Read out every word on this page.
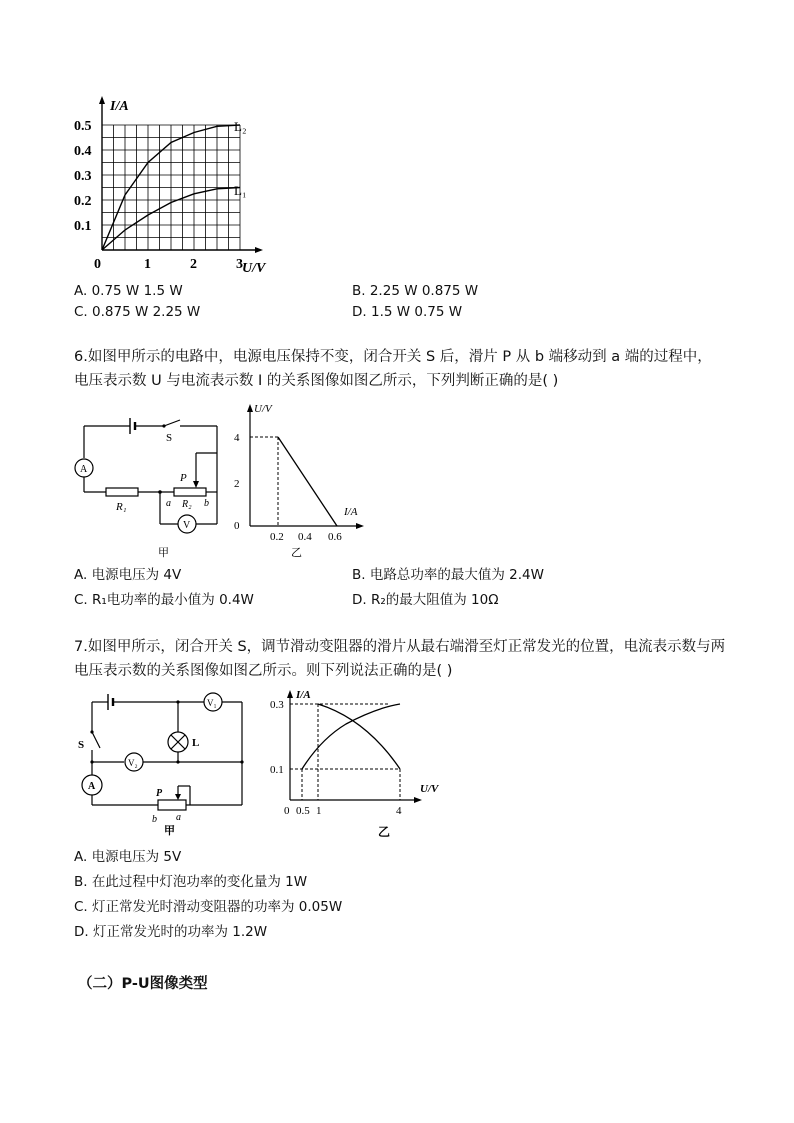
I/A
U/V
0.5
0.4
0.3
0.2
0.1
0	1	2	3
L₂
L₁
A. 0.75 W 1.5 W	B. 2.25 W 0.875 W
C. 0.875 W 2.25 W	D. 1.5 W 0.75 W
6.如图甲所示的电路中，电源电压保持不变，闭合开关 S 后，滑片 P 从 b 端移动到 a 端的过程中，电压表示数 U 与电流表示数 I 的关系图像如图乙所示，下列判断正确的是( )
S
A
R₁	a R₂ b
P
V
甲
U/V
I/A
4
2
0
0.2 0.4 0.6
乙
A. 电源电压为 4V	B. 电路总功率的最大值为 2.4W
C. R₁电功率的最小值为 0.4W	D. R₂的最大阻值为 10Ω
7.如图甲所示，闭合开关 S，调节滑动变阻器的滑片从最右端滑至灯正常发光的位置，电流表示数与两电压表示数的关系图像如图乙所示。则下列说法正确的是( )
V₁
S
A
L
V₂
P
b a
甲
I/A
U/V
0.3
0.1
0 0.5 1	4
乙
A. 电源电压为 5V
B. 在此过程中灯泡功率的变化量为 1W
C. 灯正常发光时滑动变阻器的功率为 0.05W
D. 灯正常发光时的功率为 1.2W
（二）P-U图像类型
